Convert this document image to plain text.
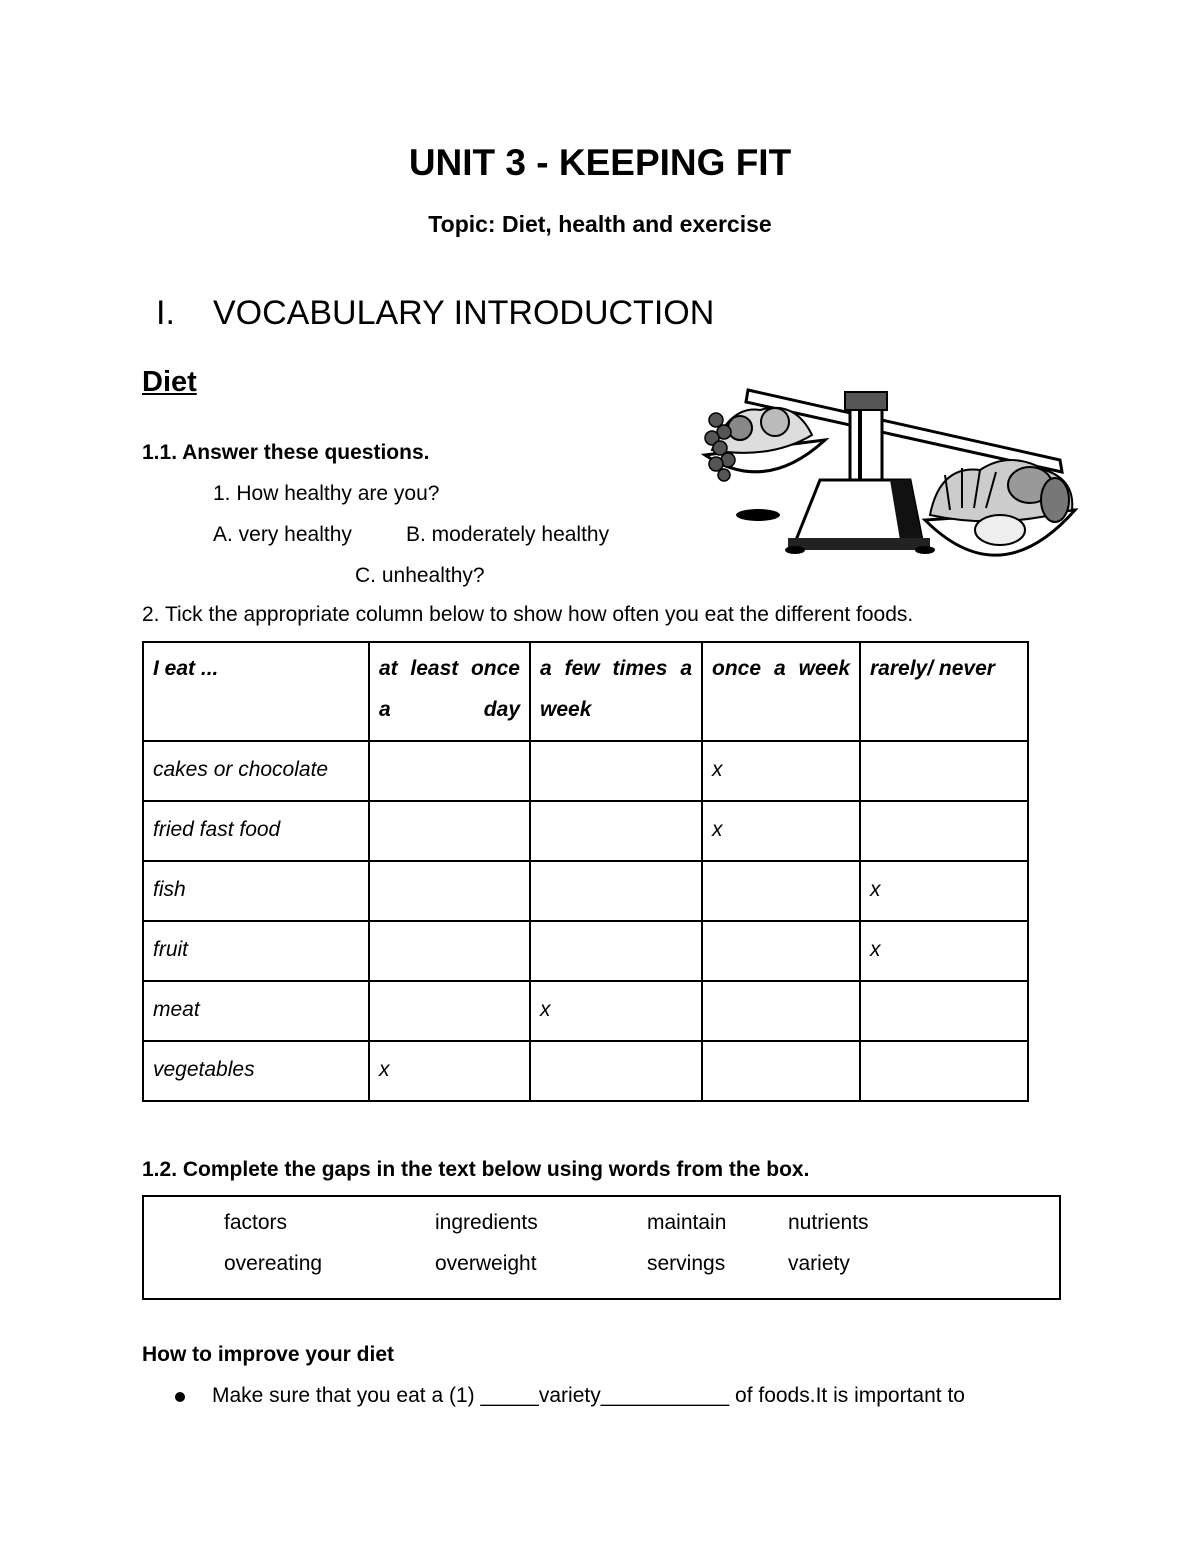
UNIT 3 - KEEPING FIT
Topic: Diet, health and exercise
I. VOCABULARY INTRODUCTION
Diet
1.1. Answer these questions.
1. How healthy are you?
A. very healthy	B. moderately healthy
C. unhealthy?
2. Tick the appropriate column below to show how often you eat the different foods.
I eat ...	at least once a day	a few times a week	once a week	rarely/ never
cakes or chocolate			x	
fried fast food			x	
fish				x
fruit				x
meat		x		
vegetables	x			
1.2. Complete the gaps in the text below using words from the box.
factors	ingredients	maintain	nutrients
overeating	overweight	servings	variety
How to improve your diet
Make sure that you eat a (1) _____variety___________ of foods.It is important to
